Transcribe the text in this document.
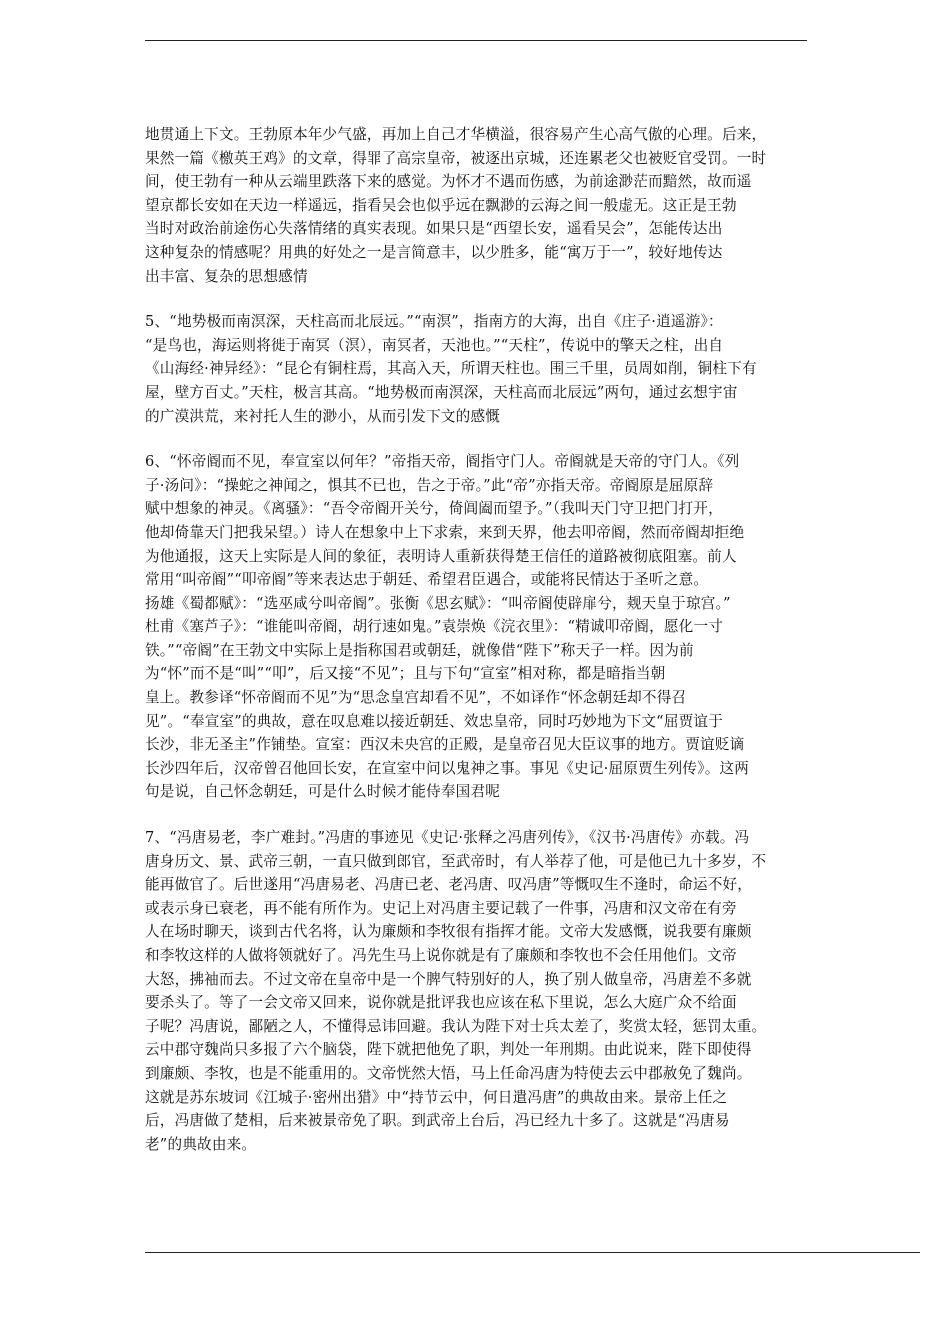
地贯通上下文。王勃原本年少气盛，再加上自己才华横溢，很容易产生心高气傲的心理。后来，
果然一篇《檄英王鸡》的文章，得罪了高宗皇帝，被逐出京城，还连累老父也被贬官受罚。一时
间，使王勃有一种从云端里跌落下来的感觉。为怀才不遇而伤感，为前途渺茫而黯然，故而遥
望京都长安如在天边一样遥远，指看吴会也似乎远在飘渺的云海之间一般虚无。这正是王勃
当时对政治前途伤心失落情绪的真实表现。如果只是“西望长安，遥看吴会”，怎能传达出
这种复杂的情感呢？用典的好处之一是言简意丰，以少胜多，能“寓万于一”，较好地传达
出丰富、复杂的思想感情

5、“地势极而南溟深，天柱高而北辰远。”“南溟”，指南方的大海，出自《庄子·逍遥游》：
“是鸟也，海运则将徙于南冥（溟），南冥者，天池也。”“天柱”，传说中的擎天之柱，出自
《山海经·神异经》：“昆仑有铜柱焉，其高入天，所谓天柱也。围三千里，员周如削，铜柱下有
屋，壁方百丈。”天柱，极言其高。“地势极而南溟深，天柱高而北辰远”两句，通过玄想宇宙
的广漠洪荒，来衬托人生的渺小，从而引发下文的感慨

6、“怀帝阍而不见，奉宣室以何年？”帝指天帝，阍指守门人。帝阍就是天帝的守门人。《列
子·汤问》：“操蛇之神闻之，惧其不已也，告之于帝。”此“帝”亦指天帝。帝阍原是屈原辞
赋中想象的神灵。《离骚》：“吾令帝阍开关兮，倚阊阖而望予。”（我叫天门守卫把门打开，
他却倚靠天门把我呆望。）诗人在想象中上下求索，来到天界，他去叩帝阍，然而帝阍却拒绝
为他通报，这天上实际是人间的象征，表明诗人重新获得楚王信任的道路被彻底阻塞。前人
常用“叫帝阍”“叩帝阍”等来表达忠于朝廷、希望君臣遇合，或能将民情达于圣听之意。
扬雄《蜀都赋》：“选巫咸兮叫帝阍”。张衡《思玄赋》：“叫帝阍使辟扉兮，觌天皇于琼宫。”
杜甫《塞芦子》：“谁能叫帝阍，胡行速如鬼。”袁崇焕《浣衣里》：“精诚叩帝阍，愿化一寸
铁。”“帝阍”在王勃文中实际上是指称国君或朝廷，就像借“陛下”称天子一样。因为前
为“怀”而不是“叫”“叩”，后又接“不见”；且与下句“宣室”相对称，都是暗指当朝
皇上。教参译“怀帝阍而不见”为“思念皇宫却看不见”，不如译作“怀念朝廷却不得召
见”。“奉宣室”的典故，意在叹息难以接近朝廷、效忠皇帝，同时巧妙地为下文“屈贾谊于
长沙，非无圣主”作铺垫。宣室：西汉未央宫的正殿，是皇帝召见大臣议事的地方。贾谊贬谪
长沙四年后，汉帝曾召他回长安，在宣室中问以鬼神之事。事见《史记·屈原贾生列传》。这两
句是说，自己怀念朝廷，可是什么时候才能侍奉国君呢

7、“冯唐易老，李广难封。”冯唐的事迹见《史记·张释之冯唐列传》，《汉书·冯唐传》亦载。冯
唐身历文、景、武帝三朝，一直只做到郎官，至武帝时，有人举荐了他，可是他已九十多岁，不
能再做官了。后世遂用“冯唐易老、冯唐已老、老冯唐、叹冯唐”等慨叹生不逢时，命运不好，
或表示身已衰老，再不能有所作为。史记上对冯唐主要记载了一件事，冯唐和汉文帝在有旁
人在场时聊天，谈到古代名将，认为廉颇和李牧很有指挥才能。文帝大发感慨，说我要有廉颇
和李牧这样的人做将领就好了。冯先生马上说你就是有了廉颇和李牧也不会任用他们。文帝
大怒，拂袖而去。不过文帝在皇帝中是一个脾气特别好的人，换了别人做皇帝，冯唐差不多就
要杀头了。等了一会文帝又回来，说你就是批评我也应该在私下里说，怎么大庭广众不给面
子呢？冯唐说，鄙陋之人，不懂得忌讳回避。我认为陛下对士兵太差了，奖赏太轻，惩罚太重。
云中郡守魏尚只多报了六个脑袋，陛下就把他免了职，判处一年刑期。由此说来，陛下即使得
到廉颇、李牧，也是不能重用的。文帝恍然大悟，马上任命冯唐为特使去云中郡赦免了魏尚。
这就是苏东坡词《江城子·密州出猎》中“持节云中，何日遣冯唐”的典故由来。景帝上任之
后，冯唐做了楚相，后来被景帝免了职。到武帝上台后，冯已经九十多了。这就是“冯唐易
老”的典故由来。
